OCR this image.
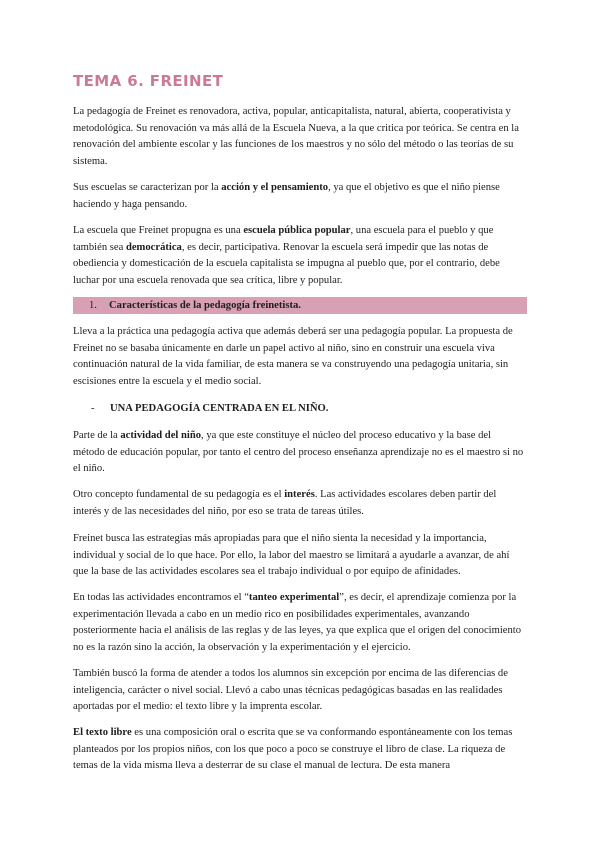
TEMA 6. FREINET

La pedagogía de Freinet es renovadora, activa, popular, anticapitalista, natural, abierta, cooperativista y metodológica. Su renovación va más allá de la Escuela Nueva, a la que critica por teórica. Se centra en la renovación del ambiente escolar y las funciones de los maestros y no sólo del método o las teorías de su sistema.

Sus escuelas se caracterizan por la acción y el pensamiento, ya que el objetivo es que el niño piense haciendo y haga pensando.

La escuela que Freinet propugna es una escuela pública popular, una escuela para el pueblo y que también sea democrática, es decir, participativa. Renovar la escuela será impedir que las notas de obediencia y domesticación de la escuela capitalista se impugna al pueblo que, por el contrario, debe luchar por una escuela renovada que sea crítica, libre y popular.

1. Características de la pedagogía freinetista.

Lleva a la práctica una pedagogía activa que además deberá ser una pedagogía popular. La propuesta de Freinet no se basaba únicamente en darle un papel activo al niño, sino en construir una escuela viva continuación natural de la vida familiar, de esta manera se va construyendo una pedagogía unitaria, sin escisiones entre la escuela y el medio social.

- UNA PEDAGOGÍA CENTRADA EN EL NIÑO.

Parte de la actividad del niño, ya que este constituye el núcleo del proceso educativo y la base del método de educación popular, por tanto el centro del proceso enseñanza aprendizaje no es el maestro si no el niño.

Otro concepto fundamental de su pedagogía es el interés. Las actividades escolares deben partir del interés y de las necesidades del niño, por eso se trata de tareas útiles.

Freinet busca las estrategias más apropiadas para que el niño sienta la necesidad y la importancia, individual y social de lo que hace. Por ello, la labor del maestro se limitará a ayudarle a avanzar, de ahí que la base de las actividades escolares sea el trabajo individual o por equipo de afinidades.

En todas las actividades encontramos el “tanteo experimental”, es decir, el aprendizaje comienza por la experimentación llevada a cabo en un medio rico en posibilidades experimentales, avanzando posteriormente hacia el análisis de las reglas y de las leyes, ya que explica que el origen del conocimiento no es la razón sino la acción, la observación y la experimentación y el ejercicio.

También buscó la forma de atender a todos los alumnos sin excepción por encima de las diferencias de inteligencia, carácter o nivel social. Llevó a cabo unas técnicas pedagógicas basadas en las realidades aportadas por el medio: el texto libre y la imprenta escolar.

El texto libre es una composición oral o escrita que se va conformando espontáneamente con los temas planteados por los propios niños, con los que poco a poco se construye el libro de clase. La riqueza de temas de la vida misma lleva a desterrar de su clase el manual de lectura. De esta manera
